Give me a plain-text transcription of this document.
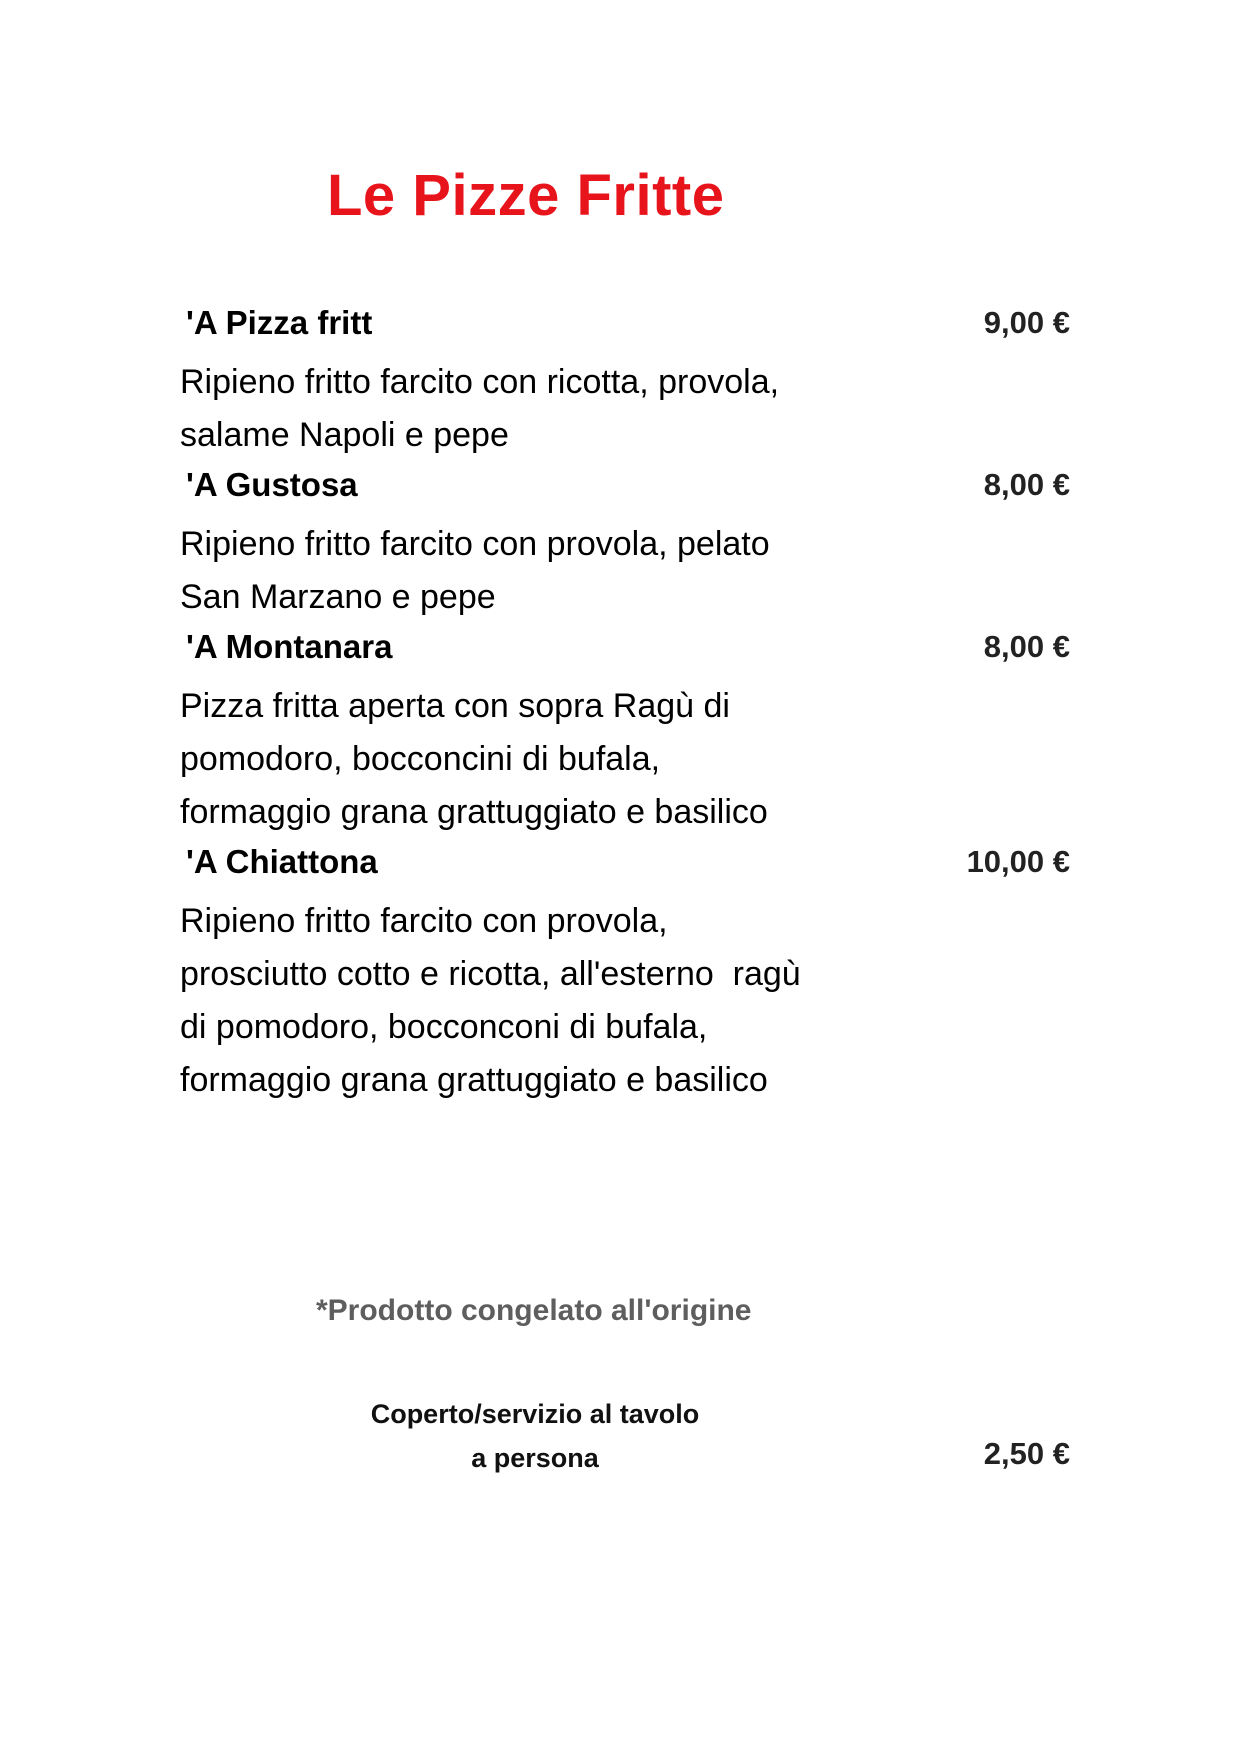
Le Pizze Fritte
'A Pizza fritt	9,00 €
Ripieno fritto farcito con ricotta, provola,
salame Napoli e pepe
'A Gustosa	8,00 €
Ripieno fritto farcito con provola, pelato
San Marzano e pepe
'A Montanara	8,00 €
Pizza fritta aperta con sopra Ragù di
pomodoro, bocconcini di bufala,
formaggio grana grattuggiato e basilico
'A Chiattona	10,00 €
Ripieno fritto farcito con provola,
prosciutto cotto e ricotta, all'esterno  ragù
di pomodoro, bocconconi di bufala,
formaggio grana grattuggiato e basilico
*Prodotto congelato all'origine
Coperto/servizio al tavolo
a persona	2,50 €
